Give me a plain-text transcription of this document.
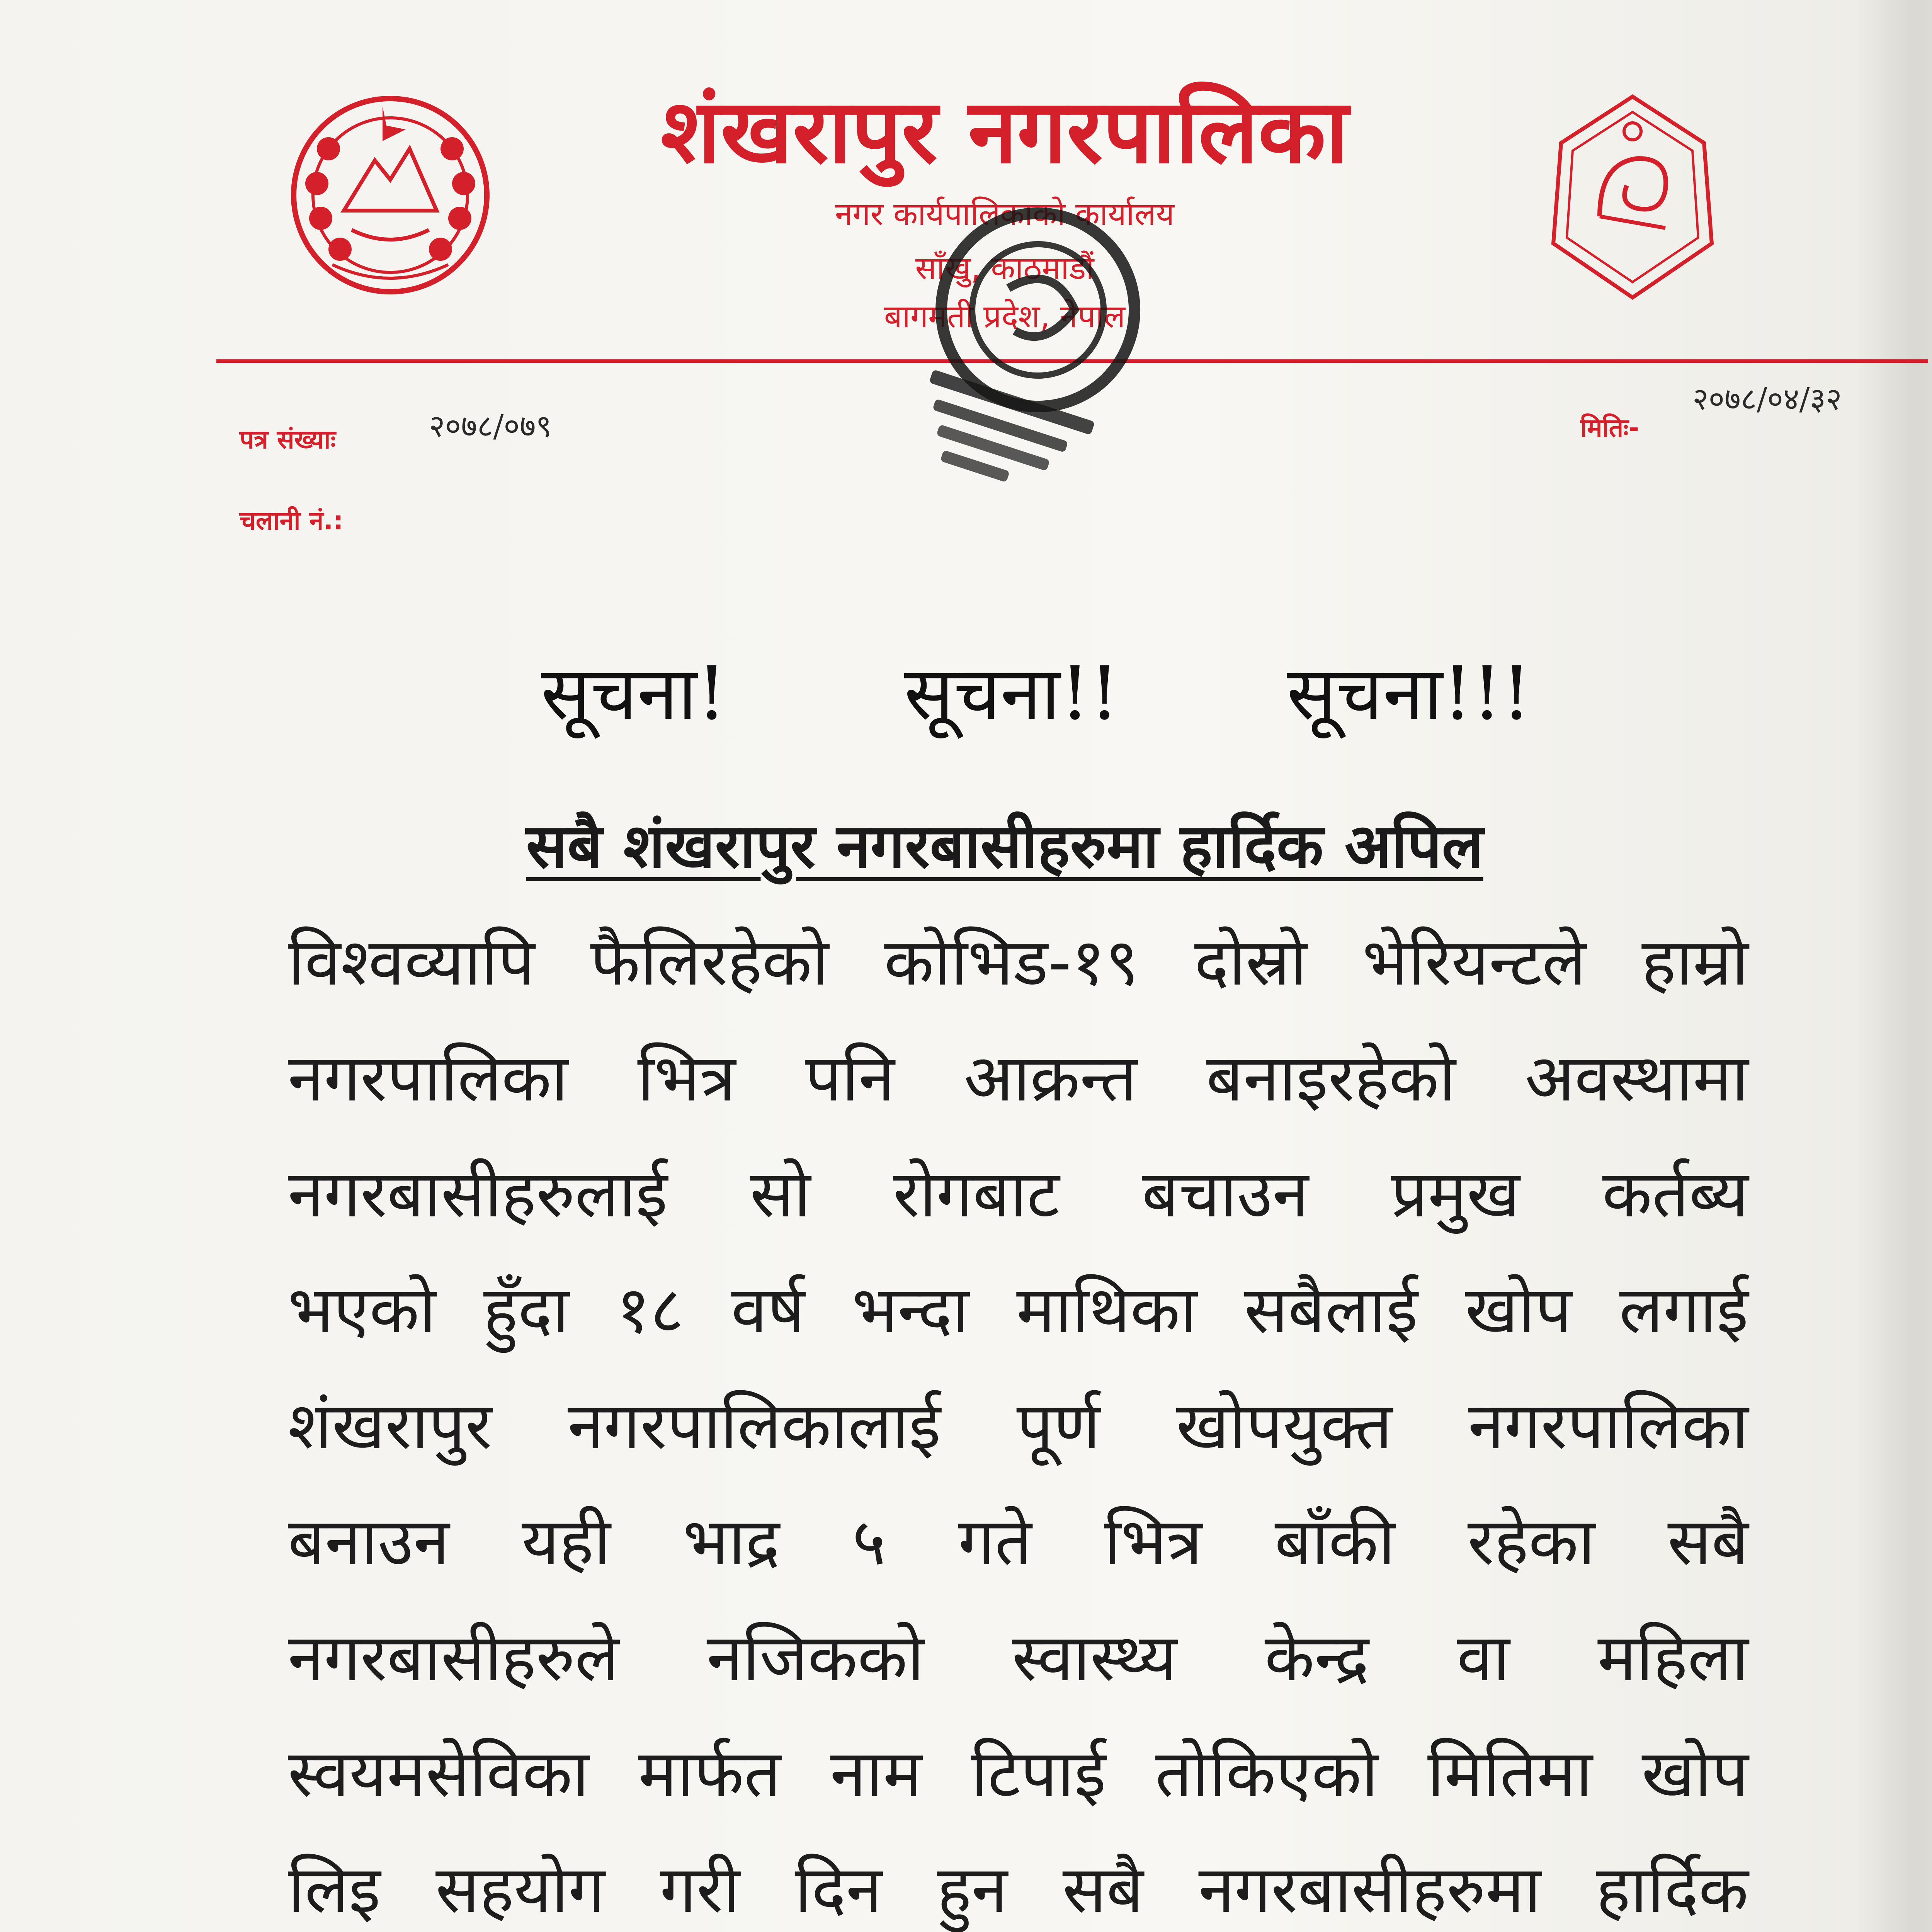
शंखरापुर नगरपालिका
नगर कार्यपालिकाको कार्यालय
साँखु, काठमाडौं
बागमती प्रदेश, नेपाल
पत्र संख्याः	२०७८/०७९
चलानी नं.:
मितिः-
२०७८/०४/३२
सूचना! सूचना!! सूचना!!!
सबै शंखरापुर नगरबासीहरुमा हार्दिक अपिल
विश्वव्यापि फैलिरहेको कोभिड-१९ दोस्रो भेरियन्टले हाम्रो
नगरपालिका भित्र पनि आक्रन्त बनाइरहेको अवस्थामा
नगरबासीहरुलाई सो रोगबाट बचाउन प्रमुख कर्तब्य
भएको हुँदा १८ वर्ष भन्दा माथिका सबैलाई खोप लगाई
शंखरापुर नगरपालिकालाई पूर्ण खोपयुक्त नगरपालिका
बनाउन यही भाद्र ५ गते भित्र बाँकी रहेका सबै
नगरबासीहरुले नजिकको स्वास्थ्य केन्द्र वा महिला
स्वयमसेविका मार्फत नाम टिपाई तोकिएको मितिमा खोप
लिइ सहयोग गरी दिन हुन सबै नगरबासीहरुमा हार्दिक
